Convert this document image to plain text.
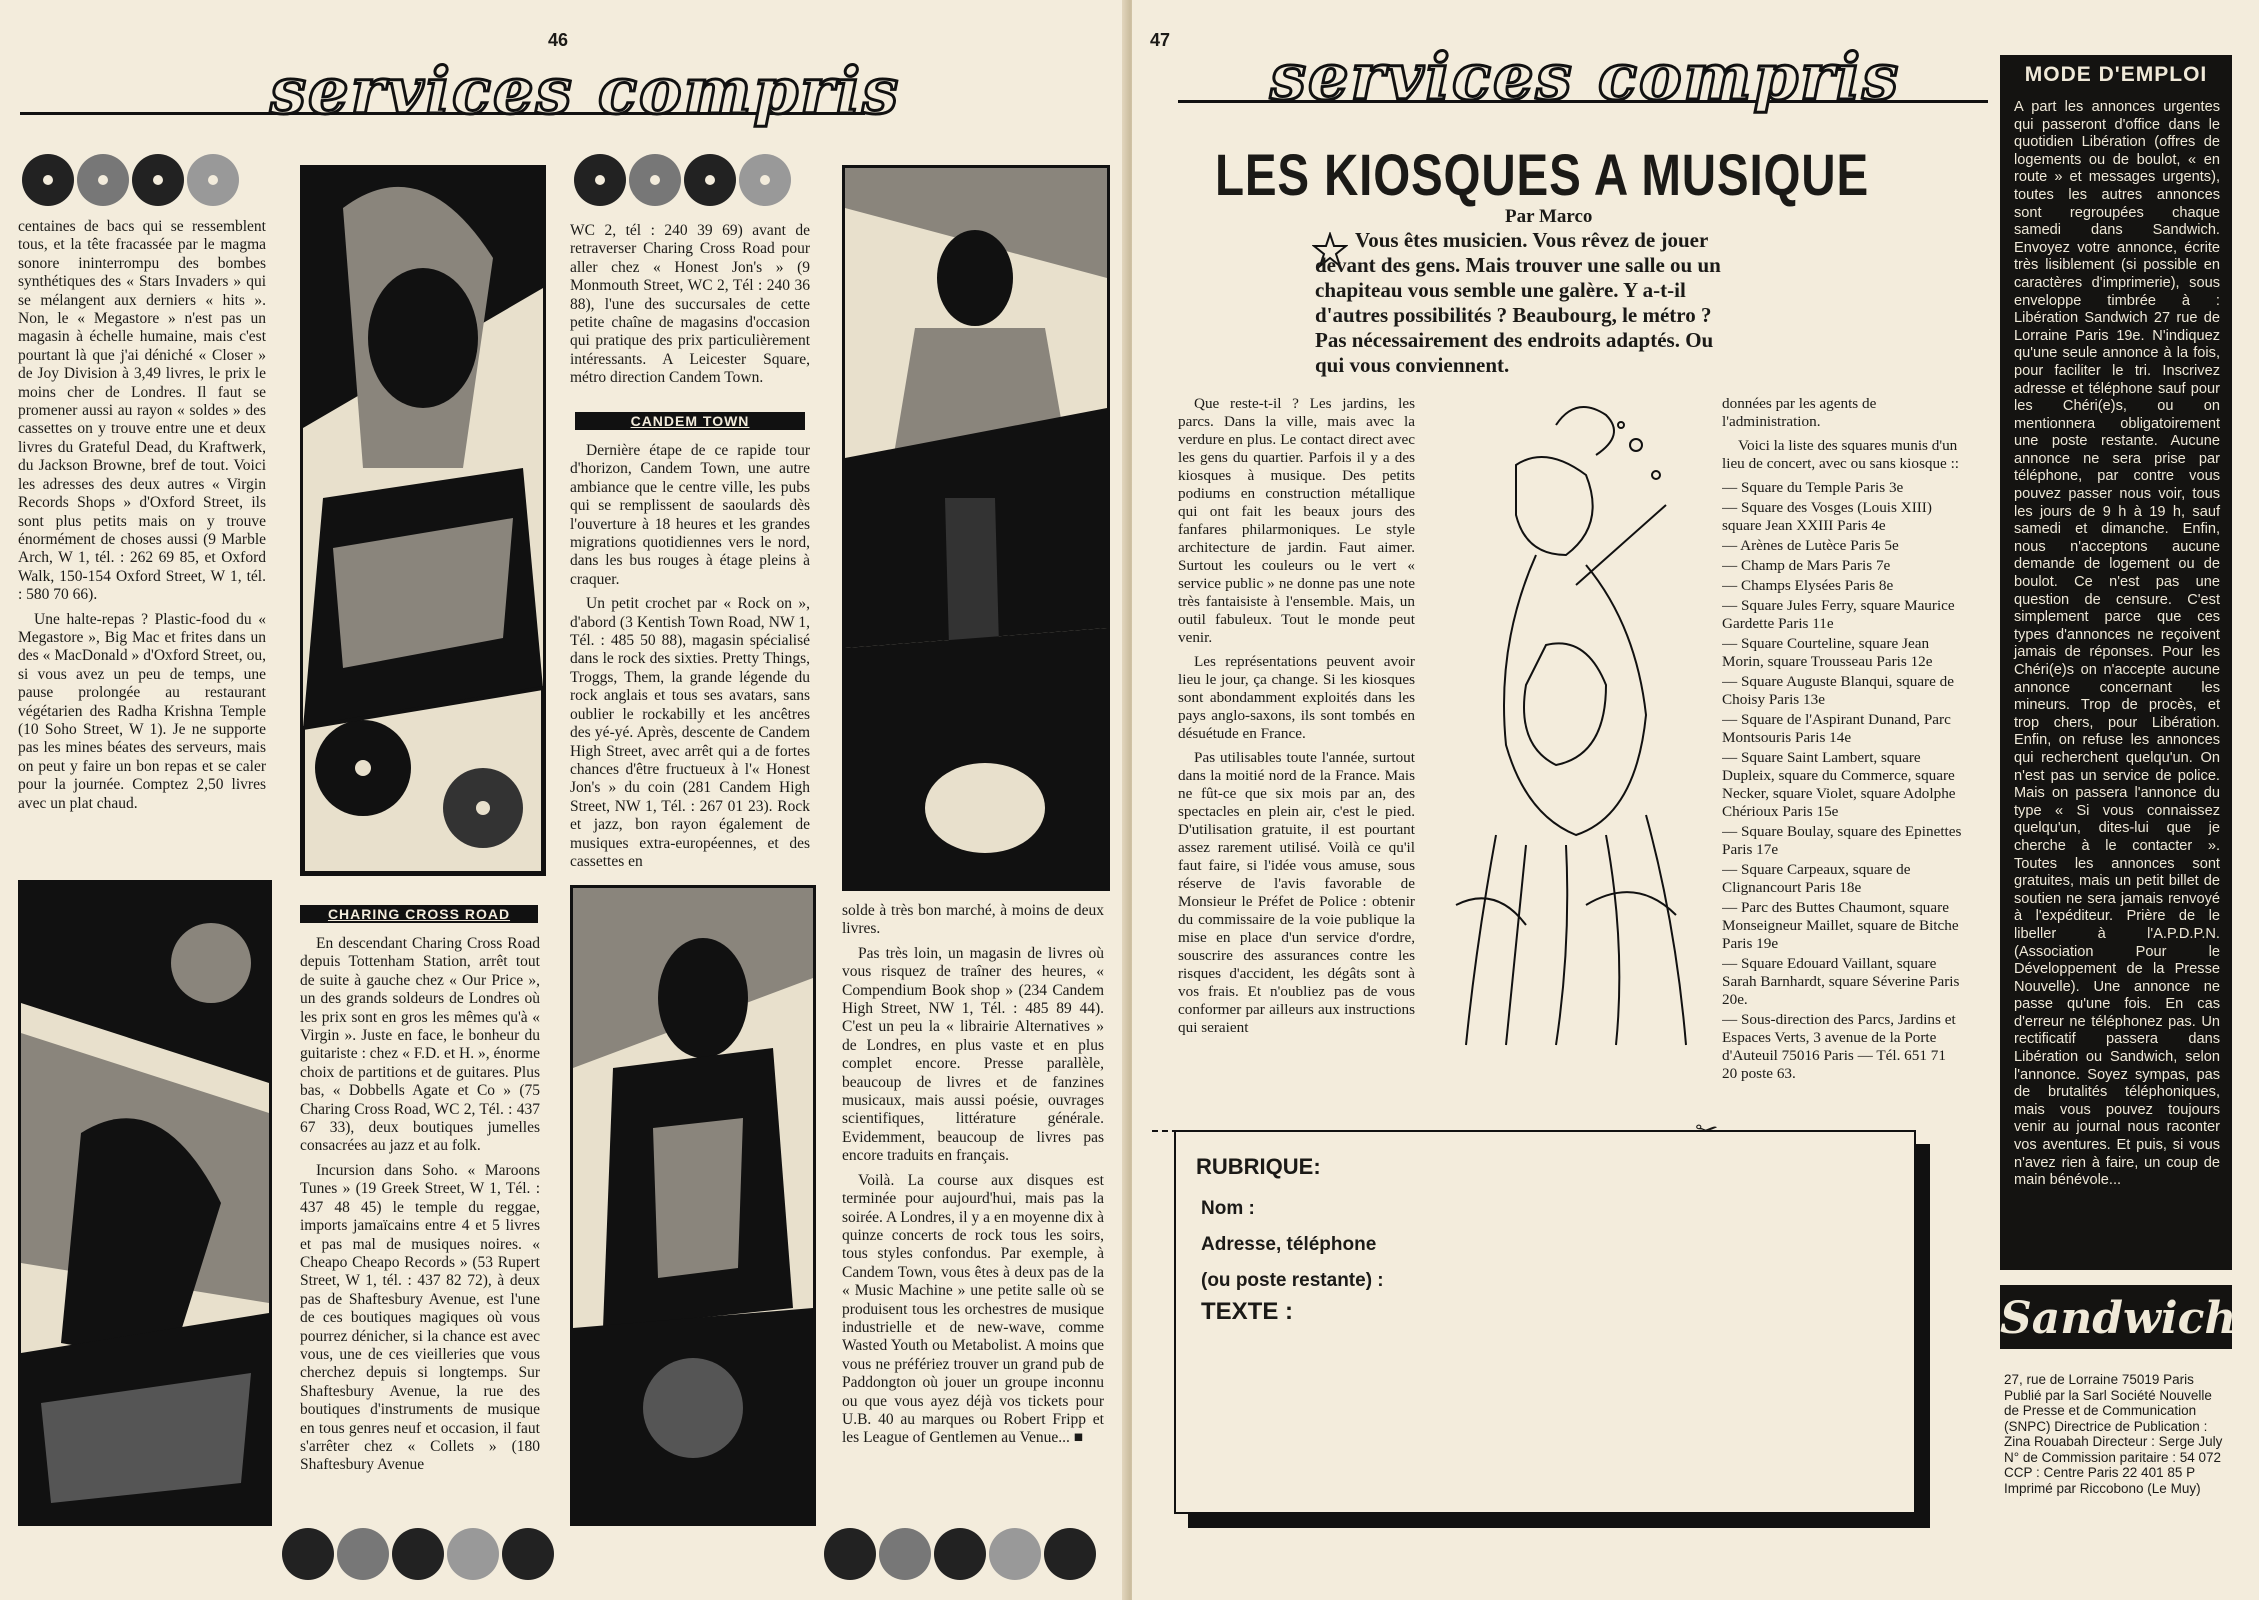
46
services compris

centaines de bacs qui se ressemblent tous, et la tête fracassée par le magma sonore ininterrompu des bombes synthétiques des « Stars Invaders » qui se mélangent aux derniers « hits ». Non, le « Megastore » n'est pas un magasin à échelle humaine, mais c'est pourtant là que j'ai déniché « Closer » de Joy Division à 3,49 livres, le prix le moins cher de Londres. Il faut se promener aussi au rayon « soldes » des cassettes on y trouve entre une et deux livres du Grateful Dead, du Kraftwerk, du Jackson Browne, bref de tout. Voici les adresses des deux autres « Virgin Records Shops » d'Oxford Street, ils sont plus petits mais on y trouve énormément de choses aussi (9 Marble Arch, W 1, tél. : 262 69 85, et Oxford Walk, 150-154 Oxford Street, W 1, tél. : 580 70 66).

Une halte-repas ? Plastic-food du « Megastore », Big Mac et frites dans un des « MacDonald » d'Oxford Street, ou, si vous avez un peu de temps, une pause prolongée au restaurant végétarien des Radha Krishna Temple (10 Soho Street, W 1). Je ne supporte pas les mines béates des serveurs, mais on peut y faire un bon repas et se caler pour la journée. Comptez 2,50 livres avec un plat chaud.

CHARING CROSS ROAD

En descendant Charing Cross Road depuis Tottenham Station, arrêt tout de suite à gauche chez « Our Price », un des grands soldeurs de Londres où les prix sont en gros les mêmes qu'à « Virgin ». Juste en face, le bonheur du guitariste : chez « F.D. et H. », énorme choix de partitions et de guitares. Plus bas, « Dobbells Agate et Co » (75 Charing Cross Road, WC 2, Tél. : 437 67 33), deux boutiques jumelles consacrées au jazz et au folk.

Incursion dans Soho. « Maroons Tunes » (19 Greek Street, W 1, Tél. : 437 48 45) le temple du reggae, imports jamaïcains entre 4 et 5 livres et pas mal de musiques noires. « Cheapo Cheapo Records » (53 Rupert Street, W 1, tél. : 437 82 72), à deux pas de Shaftesbury Avenue, est l'une de ces boutiques magiques où vous pourrez dénicher, si la chance est avec vous, une de ces vieilleries que vous cherchez depuis si longtemps. Sur Shaftesbury Avenue, la rue des boutiques d'instruments de musique en tous genres neuf et occasion, il faut s'arrêter chez « Collets » (180 Shaftesbury Avenue

WC 2, tél : 240 39 69) avant de retraverser Charing Cross Road pour aller chez « Honest Jon's » (9 Monmouth Street, WC 2, Tél : 240 36 88), l'une des succursales de cette petite chaîne de magasins d'occasion qui pratique des prix particulièrement intéressants. A Leicester Square, métro direction Candem Town.

CANDEM TOWN

Dernière étape de ce rapide tour d'horizon, Candem Town, une autre ambiance que le centre ville, les pubs qui se remplissent de saoulards dès l'ouverture à 18 heures et les grandes migrations quotidiennes vers le nord, dans les bus rouges à étage pleins à craquer.

Un petit crochet par « Rock on », d'abord (3 Kentish Town Road, NW 1, Tél. : 485 50 88), magasin spécialisé dans le rock des sixties. Pretty Things, Troggs, Them, la grande légende du rock anglais et tous ses avatars, sans oublier le rockabilly et les ancêtres des yé-yé. Après, descente de Candem High Street, avec arrêt qui a de fortes chances d'être fructueux à l'« Honest Jon's » du coin (281 Candem High Street, NW 1, Tél. : 267 01 23). Rock et jazz, bon rayon également de musiques extra-européennes, et des cassettes en

solde à très bon marché, à moins de deux livres.

Pas très loin, un magasin de livres où vous risquez de traîner des heures, « Compendium Book shop » (234 Candem High Street, NW 1, Tél. : 485 89 44). C'est un peu la « librairie Alternatives » de Londres, en plus vaste et en plus complet encore. Presse parallèle, beaucoup de livres et de fanzines musicaux, mais aussi poésie, ouvrages scientifiques, littérature générale. Evidemment, beaucoup de livres pas encore traduits en français.

Voilà. La course aux disques est terminée pour aujourd'hui, mais pas la soirée. A Londres, il y a en moyenne dix à quinze concerts de rock tous les soirs, tous styles confondus. Par exemple, à Candem Town, vous êtes à deux pas de la « Music Machine » une petite salle où se produisent tous les orchestres de musique industrielle et de new-wave, comme Wasted Youth ou Metabolist. A moins que vous ne préfériez trouver un grand pub de Paddongton où jouer un groupe inconnu ou que vous ayez déjà vos tickets pour U.B. 40 au marques ou Robert Fripp et les League of Gentlemen au Venue... ■

47 services compris
LES KIOSQUES A MUSIQUE
Par Marco
Vous êtes musicien. Vous rêvez de jouer devant des gens. Mais trouver une salle ou un chapiteau vous semble une galère. Y a-t-il d'autres possibilités ? Beaubourg, le métro ? Pas nécessairement des endroits adaptés. Ou qui vous conviennent.

Que reste-t-il ? Les jardins, les parcs. Dans la ville, mais avec la verdure en plus. Le contact direct avec les gens du quartier. Parfois il y a des kiosques à musique. Des petits podiums en construction métallique qui ont fait les beaux jours des fanfares philarmoniques. Le style architecture de jardin. Faut aimer. Surtout les couleurs ou le vert « service public » ne donne pas une note très fantaisiste à l'ensemble. Mais, un outil fabuleux. Tout le monde peut venir.

Les représentations peuvent avoir lieu le jour, ça change. Si les kiosques sont abondamment exploités dans les pays anglo-saxons, ils sont tombés en désuétude en France.

Pas utilisables toute l'année, surtout dans la moitié nord de la France. Mais ne fût-ce que six mois par an, des spectacles en plein air, c'est le pied. D'utilisation gratuite, il est pourtant assez rarement utilisé. Voilà ce qu'il faut faire, si l'idée vous amuse, sous réserve de l'avis favorable de Monsieur le Préfet de Police : obtenir du commissaire de la voie publique la mise en place d'un service d'ordre, souscrire des assurances contre les risques d'accident, les dégâts sont à vos frais. Et n'oubliez pas de vous conformer par ailleurs aux instructions qui seraient

données par les agents de l'administration.

Voici la liste des squares munis d'un lieu de concert, avec ou sans kiosque ::

— Square du Temple Paris 3e
— Square des Vosges (Louis XIII) square Jean XXIII Paris 4e
— Arènes de Lutèce Paris 5e
— Champ de Mars Paris 7e
— Champs Elysées Paris 8e
— Square Jules Ferry, square Maurice Gardette Paris 11e
— Square Courteline, square Jean Morin, square Trousseau Paris 12e
— Square Auguste Blanqui, square de Choisy Paris 13e
— Square de l'Aspirant Dunand, Parc Montsouris Paris 14e
— Square Saint Lambert, square Dupleix, square du Commerce, square Necker, square Violet, square Adolphe Chérioux Paris 15e
— Square Boulay, square des Epinettes Paris 17e
— Square Carpeaux, square de Clignancourt Paris 18e
— Parc des Buttes Chaumont, square Monseigneur Maillet, square de Bitche Paris 19e
— Square Edouard Vaillant, square Sarah Barnhardt, square Séverine Paris 20e.
— Sous-direction des Parcs, Jardins et Espaces Verts, 3 avenue de la Porte d'Auteuil 75016 Paris — Tél. 651 71 20 poste 63.
RUBRIQUE:
Nom :
Adresse, téléphone
(ou poste restante) :
TEXTE :
MODE D'EMPLOI
A part les annonces urgentes qui passeront d'office dans le quotidien Libération (offres de logements ou de boulot, « en route » et messages urgents), toutes les autres annonces sont regroupées chaque samedi dans Sandwich. Envoyez votre annonce, écrite très lisiblement (si possible en caractères d'imprimerie), sous enveloppe timbrée à : Libération Sandwich 27 rue de Lorraine Paris 19e. N'indiquez qu'une seule annonce à la fois, pour faciliter le tri. Inscrivez adresse et téléphone sauf pour les Chéri(e)s, ou on mentionnera obligatoirement une poste restante. Aucune annonce ne sera prise par téléphone, par contre vous pouvez passer nous voir, tous les jours de 9 h à 19 h, sauf samedi et dimanche. Enfin, nous n'acceptons aucune demande de logement ou de boulot. Ce n'est pas une question de censure. C'est simplement parce que ces types d'annonces ne reçoivent jamais de réponses. Pour les Chéri(e)s on n'accepte aucune annonce concernant les mineurs. Trop de procès, et trop chers, pour Libération. Enfin, on refuse les annonces qui recherchent quelqu'un. On n'est pas un service de police. Mais on passera l'annonce du type « Si vous connaissez quelqu'un, dites-lui que je cherche à le contacter ». Toutes les annonces sont gratuites, mais un petit billet de soutien ne sera jamais renvoyé à l'expéditeur. Prière de le libeller à l'A.P.D.P.N. (Association Pour le Développement de la Presse Nouvelle). Une annonce ne passe qu'une fois. En cas d'erreur ne téléphonez pas. Un rectificatif passera dans Libération ou Sandwich, selon l'annonce. Soyez sympas, pas de brutalités téléphoniques, mais vous pouvez toujours venir au journal nous raconter vos aventures. Et puis, si vous n'avez rien à faire, un coup de main bénévole...
Sandwich
27, rue de Lorraine 75019 Paris Publié par la Sarl Société Nouvelle de Presse et de Communication (SNPC) Directrice de Publication : Zina Rouabah Directeur : Serge July N° de Commission paritaire : 54 072 CCP : Centre Paris 22 401 85 P Imprimé par Riccobono (Le Muy)
